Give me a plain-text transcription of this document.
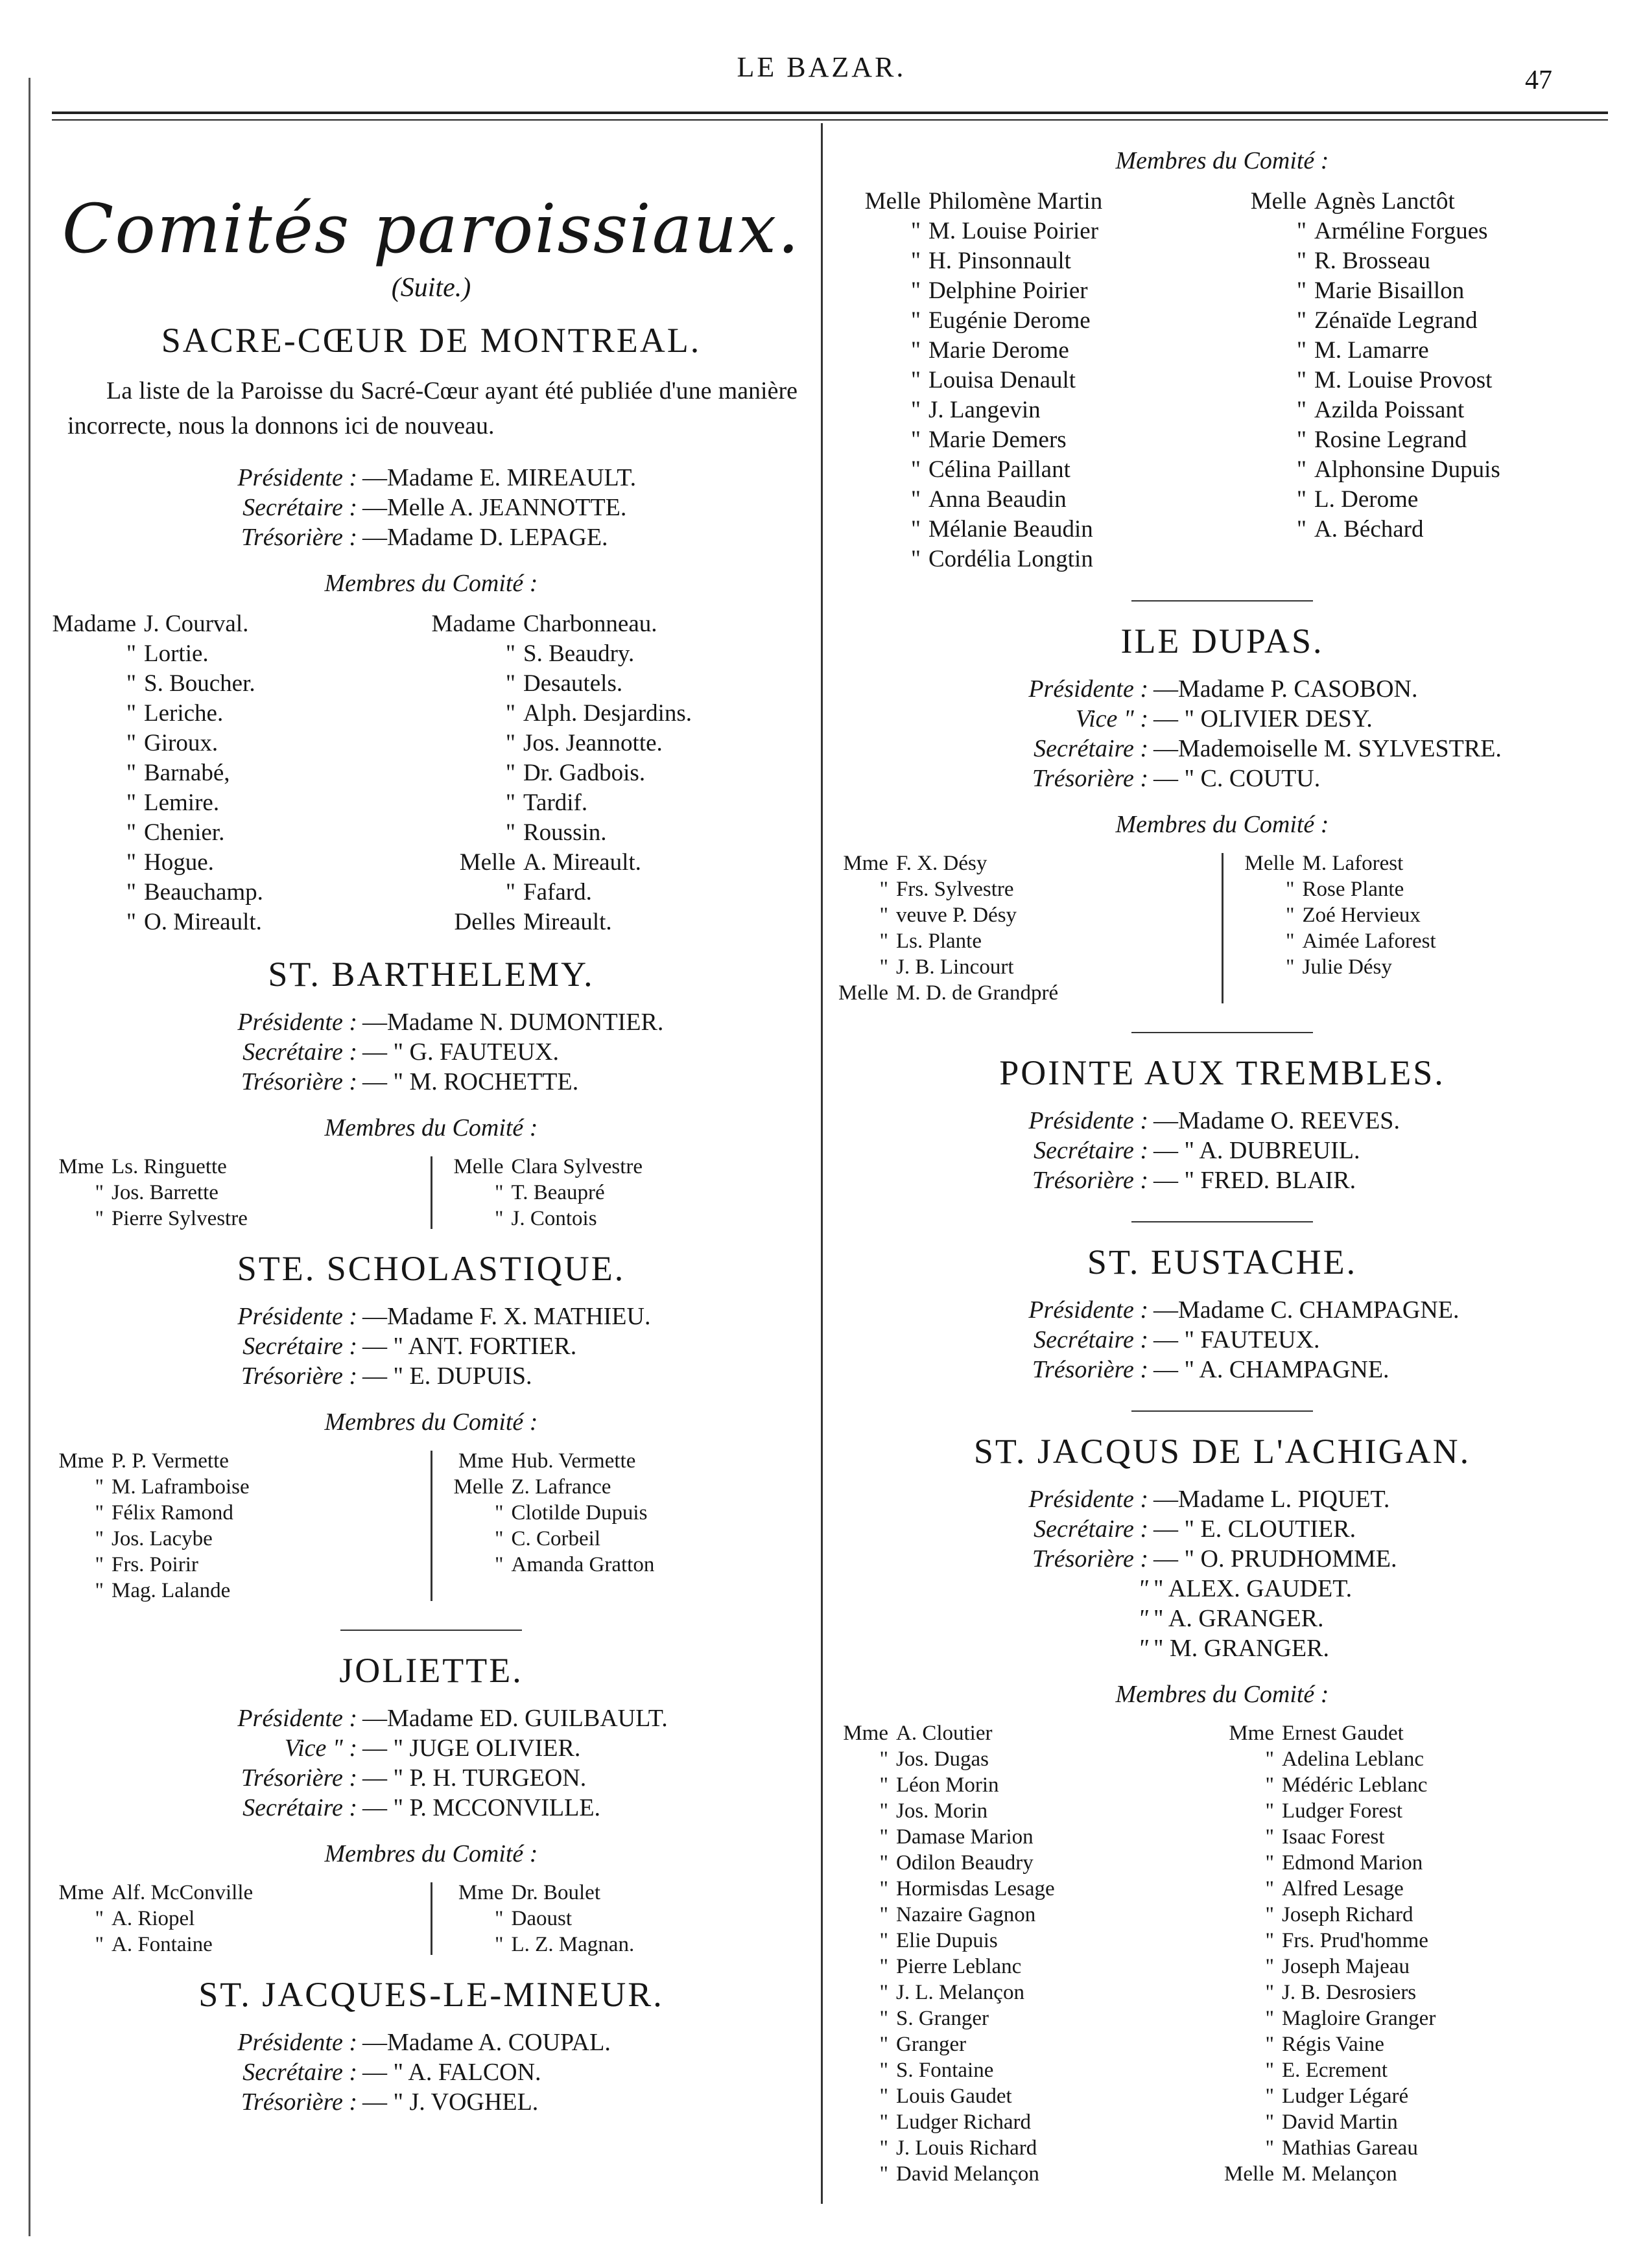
LE BAZAR.	47
Comités paroissiaux.
(Suite.)
SACRE-CŒUR DE MONTREAL.
La liste de la Paroisse du Sacré-Cœur ayant été publiée d'une manière incorrecte, nous la donnons ici de nouveau.
Présidente : —Madame E. MIREAULT.
Secrétaire : —Melle A. JEANNOTTE.
Trésorière : —Madame D. LEPAGE.
Membres du Comité :
Madame J. Courval.
" Lortie.
" S. Boucher.
" Leriche.
" Giroux.
" Barnabé,
" Lemire.
" Chenier.
" Hogue.
" Beauchamp.
" O. Mireault.
Madame Charbonneau.
" S. Beaudry.
" Desautels.
" Alph. Desjardins.
" Jos. Jeannotte.
" Dr. Gadbois.
" Tardif.
" Roussin.
Melle A. Mireault.
" Fafard.
Delles Mireault.
ST. BARTHELEMY.
Présidente : —Madame N. DUMONTIER.
Secrétaire : — " G. FAUTEUX.
Trésorière : — " M. ROCHETTE.
Membres du Comité :
Mme Ls. Ringuette
" Jos. Barrette
" Pierre Sylvestre
Melle Clara Sylvestre
" T. Beaupré
" J. Contois
STE. SCHOLASTIQUE.
Présidente : —Madame F. X. MATHIEU.
Secrétaire : — " ANT. FORTIER.
Trésorière : — " E. DUPUIS.
Membres du Comité :
Mme P. P. Vermette
" M. Laframboise
" Félix Ramond
" Jos. Lacybe
" Frs. Poirir
" Mag. Lalande
Mme Hub. Vermette
Melle Z. Lafrance
" Clotilde Dupuis
" C. Corbeil
" Amanda Gratton
JOLIETTE.
Présidente : —Madame ED. GUILBAULT.
Vice " : — " JUGE OLIVIER.
Trésorière : — " P. H. TURGEON.
Secrétaire : — " P. MCCONVILLE.
Membres du Comité :
Mme Alf. McConville
" A. Riopel
" A. Fontaine
Mme Dr. Boulet
" Daoust
" L. Z. Magnan.
ST. JACQUES-LE-MINEUR.
Présidente : —Madame A. COUPAL.
Secrétaire : — " A. FALCON.
Trésorière : — " J. VOGHEL.
Membres du Comité :
Melle Philomène Martin
" M. Louise Poirier
" H. Pinsonnault
" Delphine Poirier
" Eugénie Derome
" Marie Derome
" Louisa Denault
" J. Langevin
" Marie Demers
" Célina Paillant
" Anna Beaudin
" Mélanie Beaudin
" Cordélia Longtin
Melle Agnès Lanctôt
" Arméline Forgues
" R. Brosseau
" Marie Bisaillon
" Zénaïde Legrand
" M. Lamarre
" M. Louise Provost
" Azilda Poissant
" Rosine Legrand
" Alphonsine Dupuis
" L. Derome
" A. Béchard
ILE DUPAS.
Présidente : —Madame P. CASOBON.
Vice " : — " OLIVIER DESY.
Secrétaire : —Mademoiselle M. SYLVESTRE.
Trésorière : — " C. COUTU.
Membres du Comité :
Mme F. X. Désy
" Frs. Sylvestre
" veuve P. Désy
" Ls. Plante
" J. B. Lincourt
Melle M. D. de Grandpré
Melle M. Laforest
" Rose Plante
" Zoé Hervieux
" Aimée Laforest
" Julie Désy
POINTE AUX TREMBLES.
Présidente : —Madame O. REEVES.
Secrétaire : — " A. DUBREUIL.
Trésorière : — " FRED. BLAIR.
ST. EUSTACHE.
Présidente : —Madame C. CHAMPAGNE.
Secrétaire : — " FAUTEUX.
Trésorière : — " A. CHAMPAGNE.
ST. JACQUS DE L'ACHIGAN.
Présidente : —Madame L. PIQUET.
Secrétaire : — " E. CLOUTIER.
Trésorière : — " O. PRUDHOMME.
" " ALEX. GAUDET.
" " A. GRANGER.
" " M. GRANGER.
Membres du Comité :
Mme A. Cloutier
" Jos. Dugas
" Léon Morin
" Jos. Morin
" Damase Marion
" Odilon Beaudry
" Hormisdas Lesage
" Nazaire Gagnon
" Elie Dupuis
" Pierre Leblanc
" J. L. Melançon
" S. Granger
" Granger
" S. Fontaine
" Louis Gaudet
" Ludger Richard
" J. Louis Richard
" David Melançon
Mme Ernest Gaudet
" Adelina Leblanc
" Médéric Leblanc
" Ludger Forest
" Isaac Forest
" Edmond Marion
" Alfred Lesage
" Joseph Richard
" Frs. Prud'homme
" Joseph Majeau
" J. B. Desrosiers
" Magloire Granger
" Régis Vaine
" E. Ecrement
" Ludger Légaré
" David Martin
" Mathias Gareau
Melle M. Melançon
